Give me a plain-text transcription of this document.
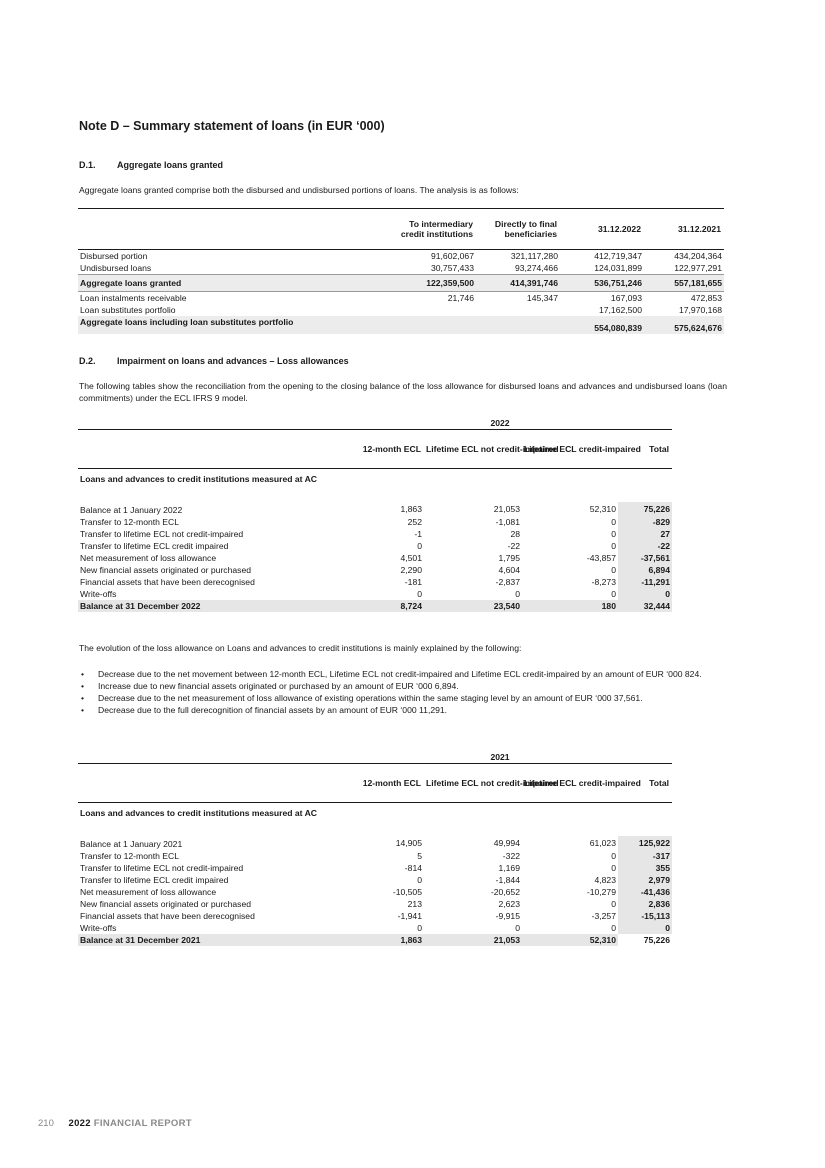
Note D – Summary statement of loans (in EUR ‘000)
D.1. Aggregate loans granted
Aggregate loans granted comprise both the disbursed and undisbursed portions of loans. The analysis is as follows:
	To intermediary credit institutions	Directly to final beneficiaries	31.12.2022	31.12.2021
Disbursed portion	91,602,067	321,117,280	412,719,347	434,204,364
Undisbursed loans	30,757,433	93,274,466	124,031,899	122,977,291
Aggregate loans granted	122,359,500	414,391,746	536,751,246	557,181,655
Loan instalments receivable	21,746	145,347	167,093	472,853
Loan substitutes portfolio			17,162,500	17,970,168
Aggregate loans including loan substitutes portfolio			554,080,839	575,624,676
D.2. Impairment on loans and advances – Loss allowances
The following tables show the reconciliation from the opening to the closing balance of the loss allowance for disbursed loans and advances and undisbursed loans (loan commitments) under the ECL IFRS 9 model.
	2022			
	12-month ECL	Lifetime ECL not credit-impaired	Lifetime ECL credit-impaired	Total
Loans and advances to credit institutions measured at AC				
Balance at 1 January 2022	1,863	21,053	52,310	75,226
Transfer to 12-month ECL	252	-1,081	0	-829
Transfer to lifetime ECL not credit-impaired	-1	28	0	27
Transfer to lifetime ECL credit impaired	0	-22	0	-22
Net measurement of loss allowance	4,501	1,795	-43,857	-37,561
New financial assets originated or purchased	2,290	4,604	0	6,894
Financial assets that have been derecognised	-181	-2,837	-8,273	-11,291
Write-offs	0	0	0	0
Balance at 31 December 2022	8,724	23,540	180	32,444
The evolution of the loss allowance on Loans and advances to credit institutions is mainly explained by the following:
• Decrease due to the net movement between 12-month ECL, Lifetime ECL not credit-impaired and Lifetime ECL credit-impaired by an amount of EUR ‘000 824.
• Increase due to new financial assets originated or purchased by an amount of EUR ‘000 6,894.
• Decrease due to the net measurement of loss allowance of existing operations within the same staging level by an amount of EUR ‘000 37,561.
• Decrease due to the full derecognition of financial assets by an amount of EUR ‘000 11,291.
	2021			
	12-month ECL	Lifetime ECL not credit-impaired	Lifetime ECL credit-impaired	Total
Loans and advances to credit institutions measured at AC				
Balance at 1 January 2021	14,905	49,994	61,023	125,922
Transfer to 12-month ECL	5	-322	0	-317
Transfer to lifetime ECL not credit-impaired	-814	1,169	0	355
Transfer to lifetime ECL credit impaired	0	-1,844	4,823	2,979
Net measurement of loss allowance	-10,505	-20,652	-10,279	-41,436
New financial assets originated or purchased	213	2,623	0	2,836
Financial assets that have been derecognised	-1,941	-9,915	-3,257	-15,113
Write-offs	0	0	0	0
Balance at 31 December 2021	1,863	21,053	52,310	75,226
210 2022 FINANCIAL REPORT
